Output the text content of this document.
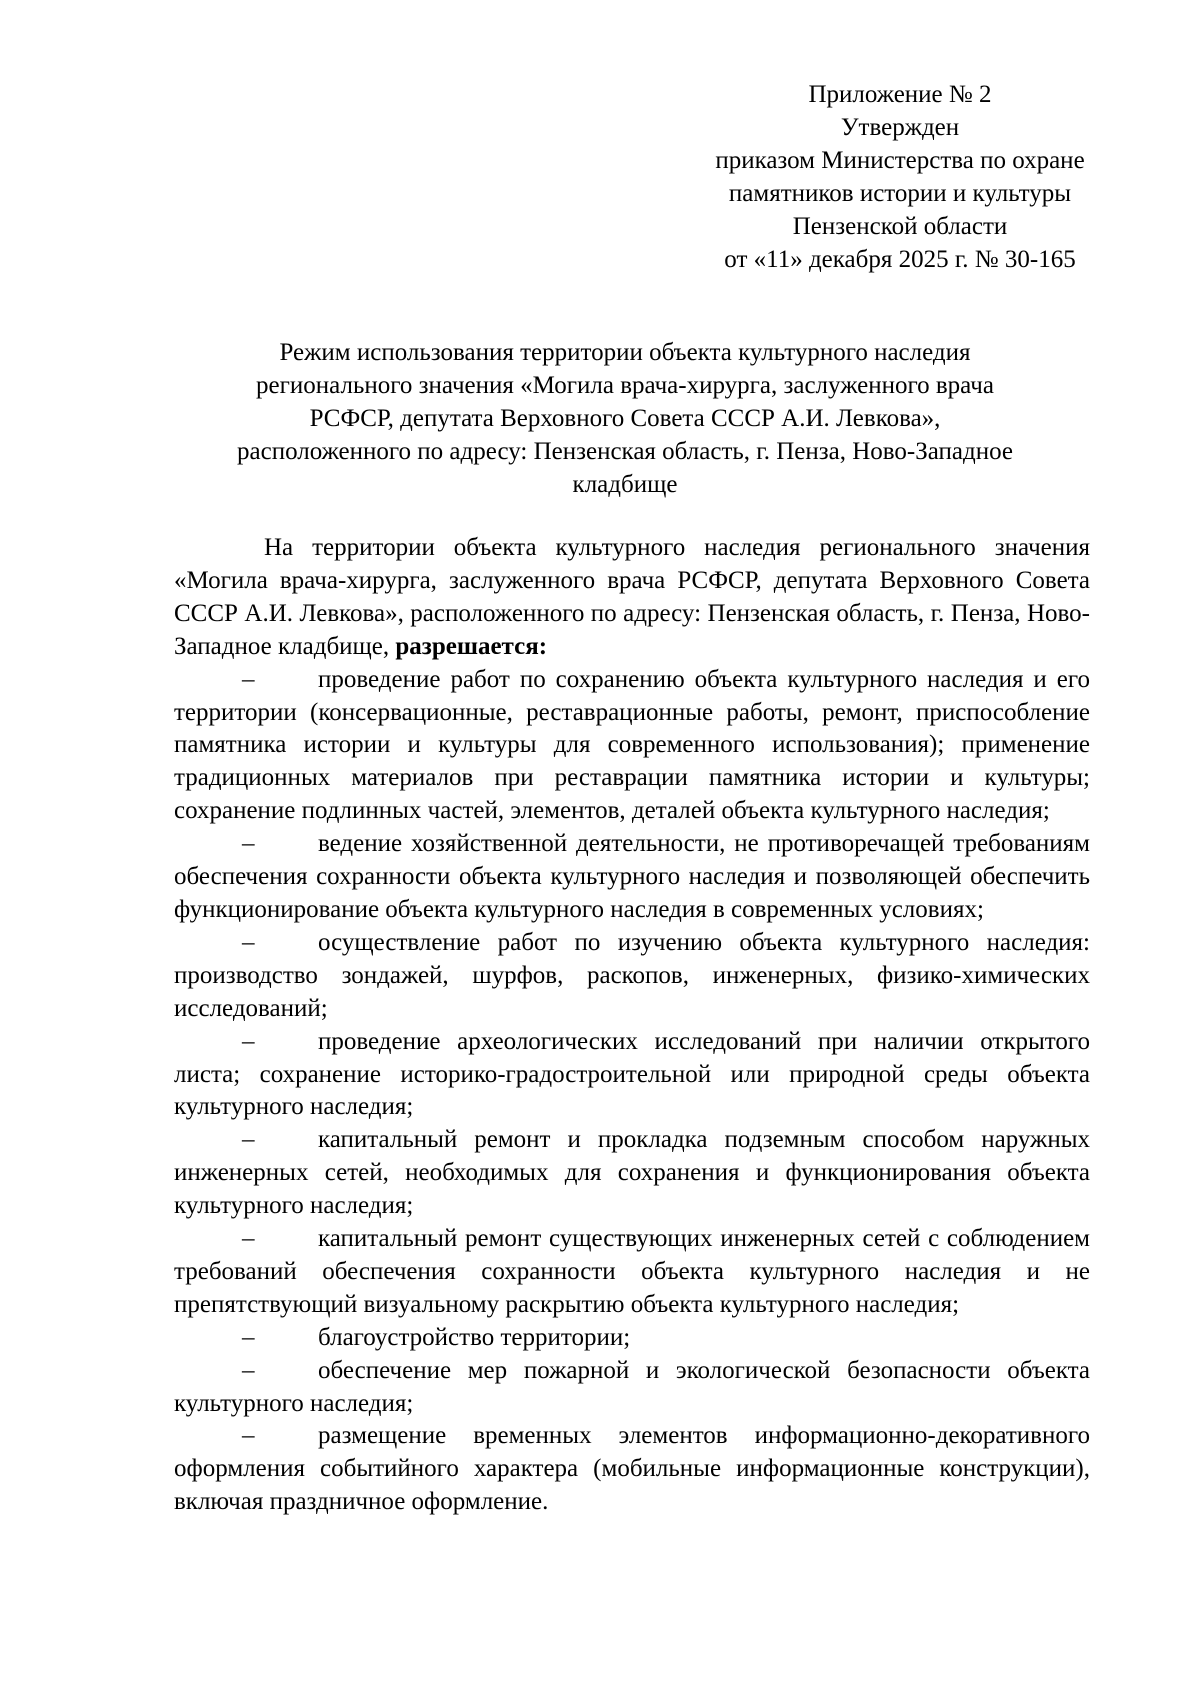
Приложение № 2
Утвержден
приказом Министерства по охране
памятников истории и культуры
Пензенской области
от «11» декабря 2025 г. № 30-165
Режим использования территории объекта культурного наследия
регионального значения «Могила врача-хирурга, заслуженного врача
РСФСР, депутата Верховного Совета СССР А.И. Левкова»,
расположенного по адресу: Пензенская область, г. Пенза, Ново-Западное
кладбище

На территории объекта культурного наследия регионального значения «Могила врача-хирурга, заслуженного врача РСФСР, депутата Верховного Совета СССР А.И. Левкова», расположенного по адресу: Пензенская область, г. Пенза, Ново-Западное кладбище, разрешается:

–	проведение работ по сохранению объекта культурного наследия и его территории (консервационные, реставрационные работы, ремонт, приспособление памятника истории и культуры для современного использования); применение традиционных материалов при реставрации памятника истории и культуры; сохранение подлинных частей, элементов, деталей объекта культурного наследия;

–	ведение хозяйственной деятельности, не противоречащей требованиям обеспечения сохранности объекта культурного наследия и позволяющей обеспечить функционирование объекта культурного наследия в современных условиях;

–	осуществление работ по изучению объекта культурного наследия: производство зондажей, шурфов, раскопов, инженерных, физико-химических исследований;

–	проведение археологических исследований при наличии открытого листа; сохранение историко-градостроительной или природной среды объекта культурного наследия;

–	капитальный ремонт и прокладка подземным способом наружных инженерных сетей, необходимых для сохранения и функционирования объекта культурного наследия;

–	капитальный ремонт существующих инженерных сетей с соблюдением требований обеспечения сохранности объекта культурного наследия и не препятствующий визуальному раскрытию объекта культурного наследия;

–	благоустройство территории;

–	обеспечение мер пожарной и экологической безопасности объекта культурного наследия;

–	размещение временных элементов информационно-декоративного оформления событийного характера (мобильные информационные конструкции), включая праздничное оформление.
